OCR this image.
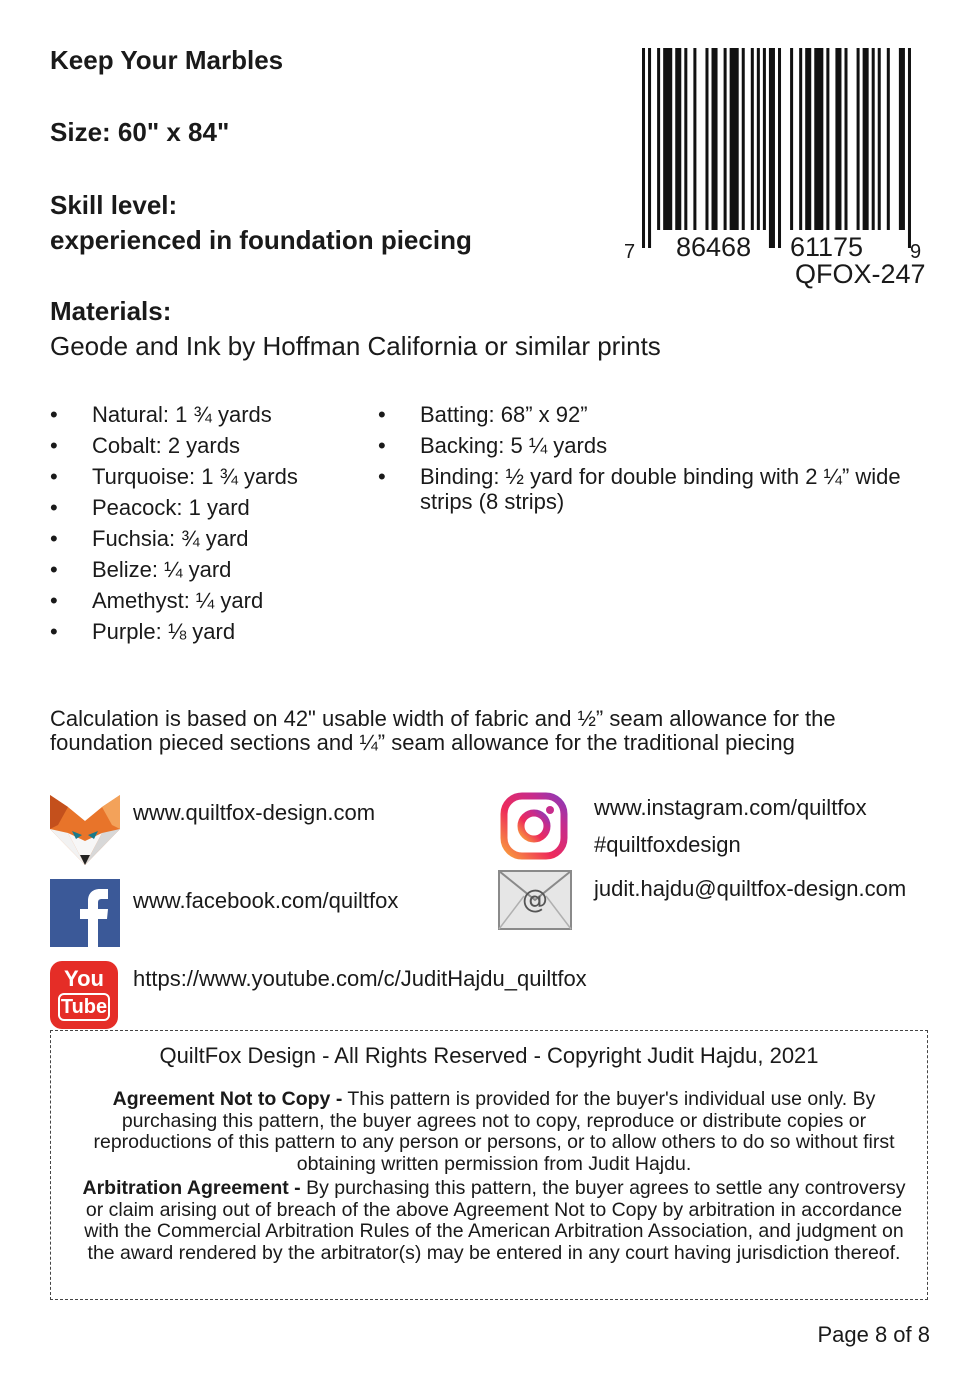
Keep Your Marbles
Size: 60" x 84"
Skill level:
experienced in foundation piecing
Materials:
Geode and Ink by Hoffman California or similar prints
7 86468 61175 9
QFOX-247
• Natural: 1 ¾ yards
• Cobalt: 2 yards
• Turquoise: 1 ¾ yards
• Peacock: 1 yard
• Fuchsia: ¾ yard
• Belize: ¼ yard
• Amethyst: ¼ yard
• Purple: ⅛ yard
• Batting: 68” x 92”
• Backing: 5 ¼ yards
• Binding: ½ yard for double binding with 2 ¼” wide strips (8 strips)
Calculation is based on 42" usable width of fabric and ½” seam allowance for the foundation pieced sections and ¼” seam allowance for the traditional piecing
www.quiltfox-design.com
www.facebook.com/quiltfox
You
Tube
https://www.youtube.com/c/JuditHajdu_quiltfox
www.instagram.com/quiltfox
#quiltfoxdesign
@ judit.hajdu@quiltfox-design.com
QuiltFox Design - All Rights Reserved - Copyright Judit Hajdu, 2021

Agreement Not to Copy - This pattern is provided for the buyer's individual use only. By purchasing this pattern, the buyer agrees not to copy, reproduce or distribute copies or reproductions of this pattern to any person or persons, or to allow others to do so without first obtaining written permission from Judit Hajdu.

Arbitration Agreement - By purchasing this pattern, the buyer agrees to settle any controversy or claim arising out of breach of the above Agreement Not to Copy by arbitration in accordance with the Commercial Arbitration Rules of the American Arbitration Association, and judgment on the award rendered by the arbitrator(s) may be entered in any court having jurisdiction thereof.

Page 8 of 8
